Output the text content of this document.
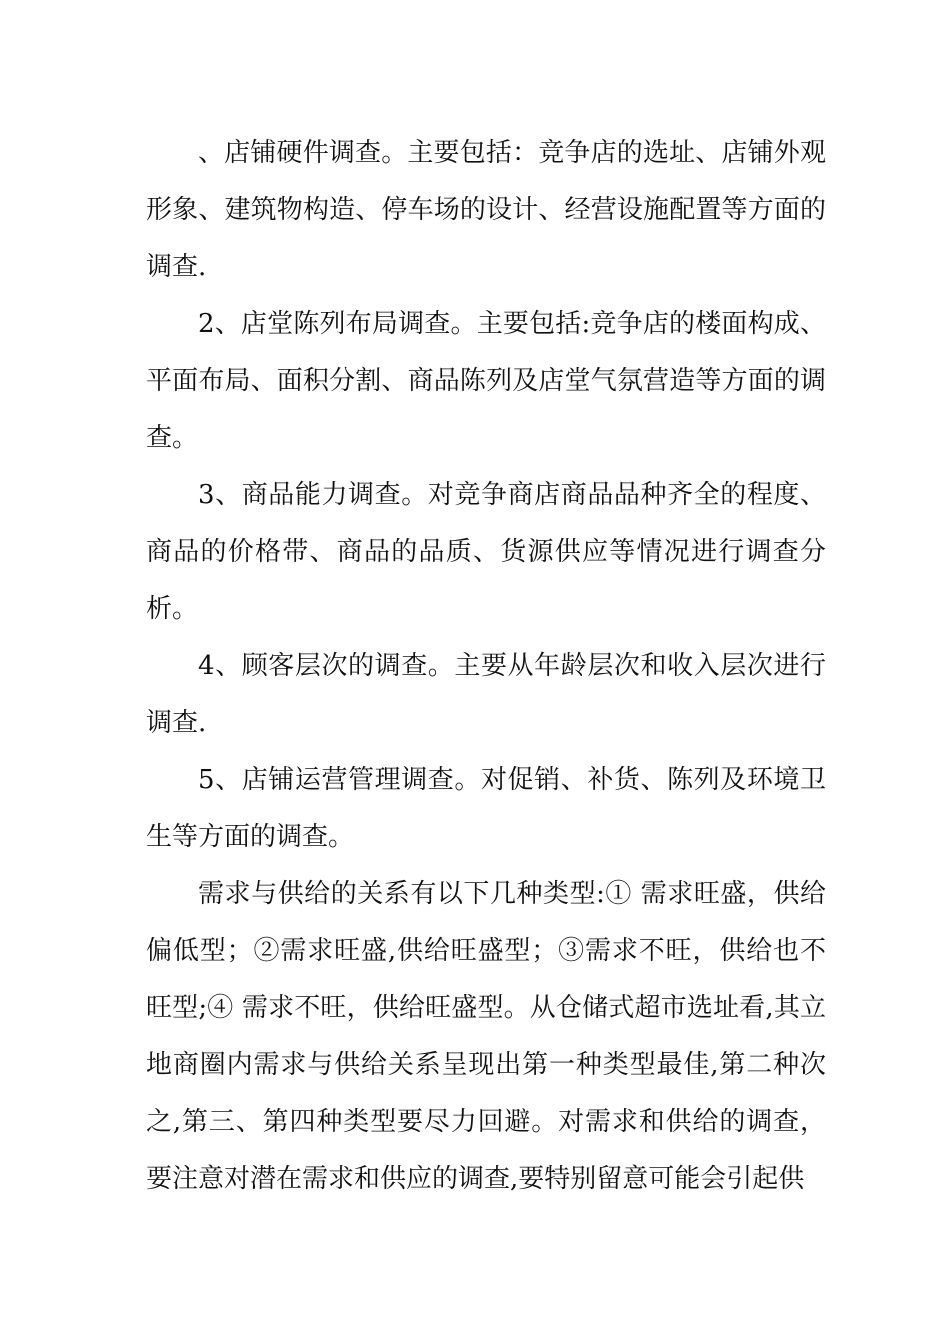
、店铺硬件调查。主要包括：竞争店的选址、店铺外观形象、建筑物构造、停车场的设计、经营设施配置等方面的调查.

2、店堂陈列布局调查。主要包括:竞争店的楼面构成、平面布局、面积分割、商品陈列及店堂气氛营造等方面的调查。

3、商品能力调查。对竞争商店商品品种齐全的程度、商品的价格带、商品的品质、货源供应等情况进行调查分析。

4、顾客层次的调查。主要从年龄层次和收入层次进行调查.

5、店铺运营管理调查。对促销、补货、陈列及环境卫生等方面的调查。

需求与供给的关系有以下几种类型:① 需求旺盛，供给偏低型；②需求旺盛,供给旺盛型；③需求不旺，供给也不旺型;④ 需求不旺，供给旺盛型。从仓储式超市选址看,其立地商圈内需求与供给关系呈现出第一种类型最佳,第二种次之,第三、第四种类型要尽力回避。对需求和供给的调查，要注意对潜在需求和供应的调查,要特别留意可能会引起供
